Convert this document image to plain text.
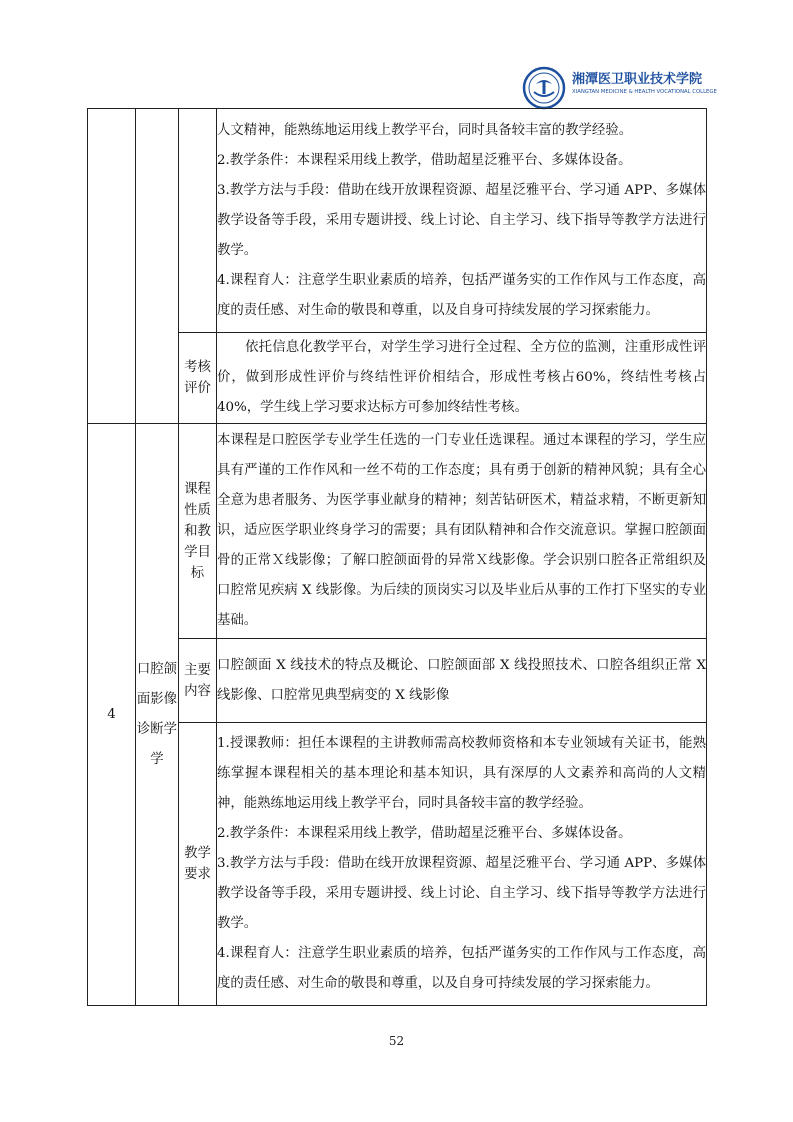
湘潭医卫职业技术学院
XIANGTAN MEDICINE & HEALTH VOCATIONAL COLLEGE

			人文精神，能熟练地运用线上教学平台，同时具备较丰富的教学经验。

2.教学条件：本课程采用线上教学，借助超星泛雅平台、多媒体设备。

3.教学方法与手段：借助在线开放课程资源、超星泛雅平台、学习通 APP、多媒体教学设备等手段，采用专题讲授、线上讨论、自主学习、线下指导等教学方法进行教学。

4.课程育人：注意学生职业素质的培养，包括严谨务实的工作作风与工作态度，高度的责任感、对生命的敬畏和尊重，以及自身可持续发展的学习探索能力。

		考核评价	依托信息化教学平台，对学生学习进行全过程、全方位的监测，注重形成性评价，做到形成性评价与终结性评价相结合，形成性考核占60%，终结性考核占40%，学生线上学习要求达标方可参加终结性考核。

4	口腔颌面影像诊断学学	课程性质和教学目标	本课程是口腔医学专业学生任选的一门专业任选课程。通过本课程的学习，学生应具有严谨的工作作风和一丝不苟的工作态度；具有勇于创新的精神风貌；具有全心全意为患者服务、为医学事业献身的精神；刻苦钻研医术，精益求精，不断更新知识，适应医学职业终身学习的需要；具有团队精神和合作交流意识。掌握口腔颌面骨的正常Ｘ线影像；了解口腔颌面骨的异常Ｘ线影像。学会识别口腔各正常组织及口腔常见疾病 X 线影像。为后续的顶岗实习以及毕业后从事的工作打下坚实的专业基础。

		主要内容	口腔颌面 X 线技术的特点及概论、口腔颌面部 X 线投照技术、口腔各组织正常 X 线影像、口腔常见典型病变的 X 线影像

		教学要求	1.授课教师：担任本课程的主讲教师需高校教师资格和本专业领域有关证书，能熟练掌握本课程相关的基本理论和基本知识，具有深厚的人文素养和高尚的人文精神，能熟练地运用线上教学平台，同时具备较丰富的教学经验。

2.教学条件：本课程采用线上教学，借助超星泛雅平台、多媒体设备。

3.教学方法与手段：借助在线开放课程资源、超星泛雅平台、学习通 APP、多媒体教学设备等手段，采用专题讲授、线上讨论、自主学习、线下指导等教学方法进行教学。

4.课程育人：注意学生职业素质的培养，包括严谨务实的工作作风与工作态度，高度的责任感、对生命的敬畏和尊重，以及自身可持续发展的学习探索能力。

52
